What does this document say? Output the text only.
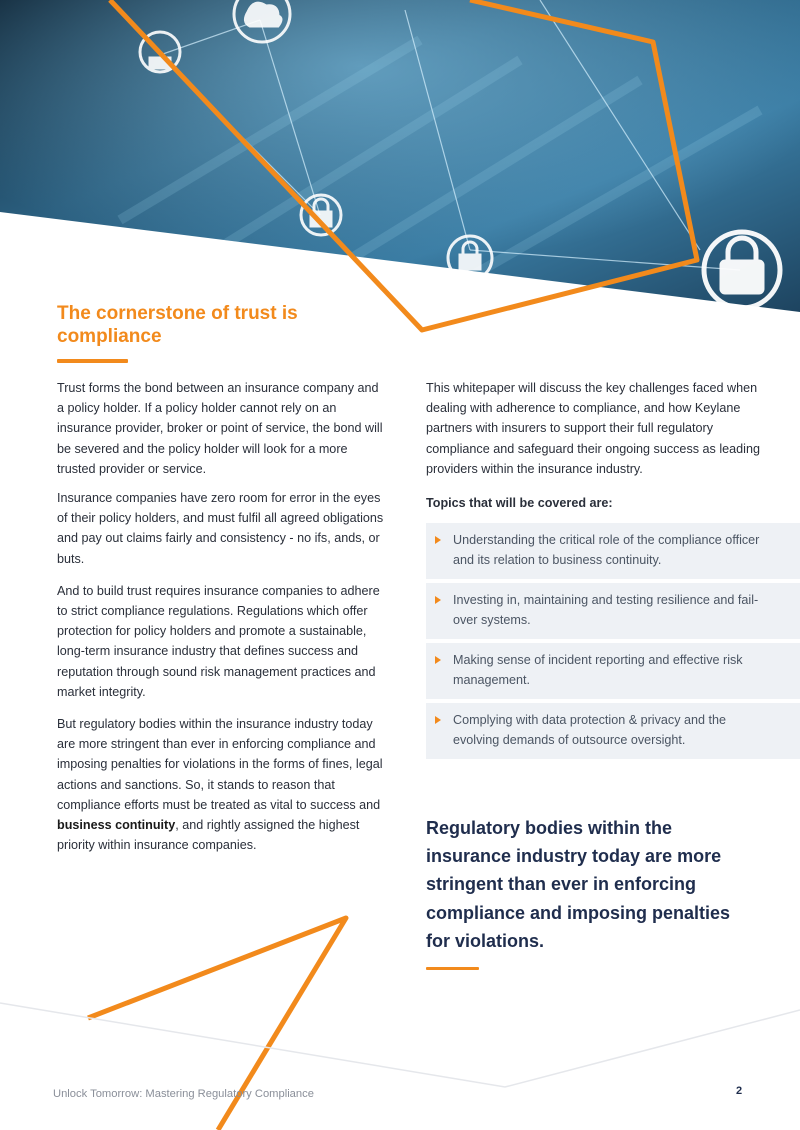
The cornerstone of trust is compliance

Trust forms the bond between an insurance company and a policy holder. If a policy holder cannot rely on an insurance provider, broker or point of service, the bond will be severed and the policy holder will look for a more trusted provider or service.

Insurance companies have zero room for error in the eyes of their policy holders, and must fulfil all agreed obligations and pay out claims fairly and consistency - no ifs, ands, or buts.

And to build trust requires insurance companies to adhere to strict compliance regulations. Regulations which offer protection for policy holders and promote a sustainable, long-term insurance industry that defines success and reputation through sound risk management practices and market integrity.

But regulatory bodies within the insurance industry today are more stringent than ever in enforcing compliance and imposing penalties for violations in the forms of fines, legal actions and sanctions. So, it stands to reason that compliance efforts must be treated as vital to success and business continuity, and rightly assigned the highest priority within insurance companies.

This whitepaper will discuss the key challenges faced when dealing with adherence to compliance, and how Keylane partners with insurers to support their full regulatory compliance and safeguard their ongoing success as leading providers within the insurance industry.

Topics that will be covered are:

Understanding the critical role of the compliance officer and its relation to business continuity.
Investing in, maintaining and testing resilience and fail-over systems.
Making sense of incident reporting and effective risk management.
Complying with data protection & privacy and the evolving demands of outsource oversight.

Regulatory bodies within the insurance industry today are more stringent than ever in enforcing compliance and imposing penalties for violations.

Unlock Tomorrow: Mastering Regulatory Compliance	2
